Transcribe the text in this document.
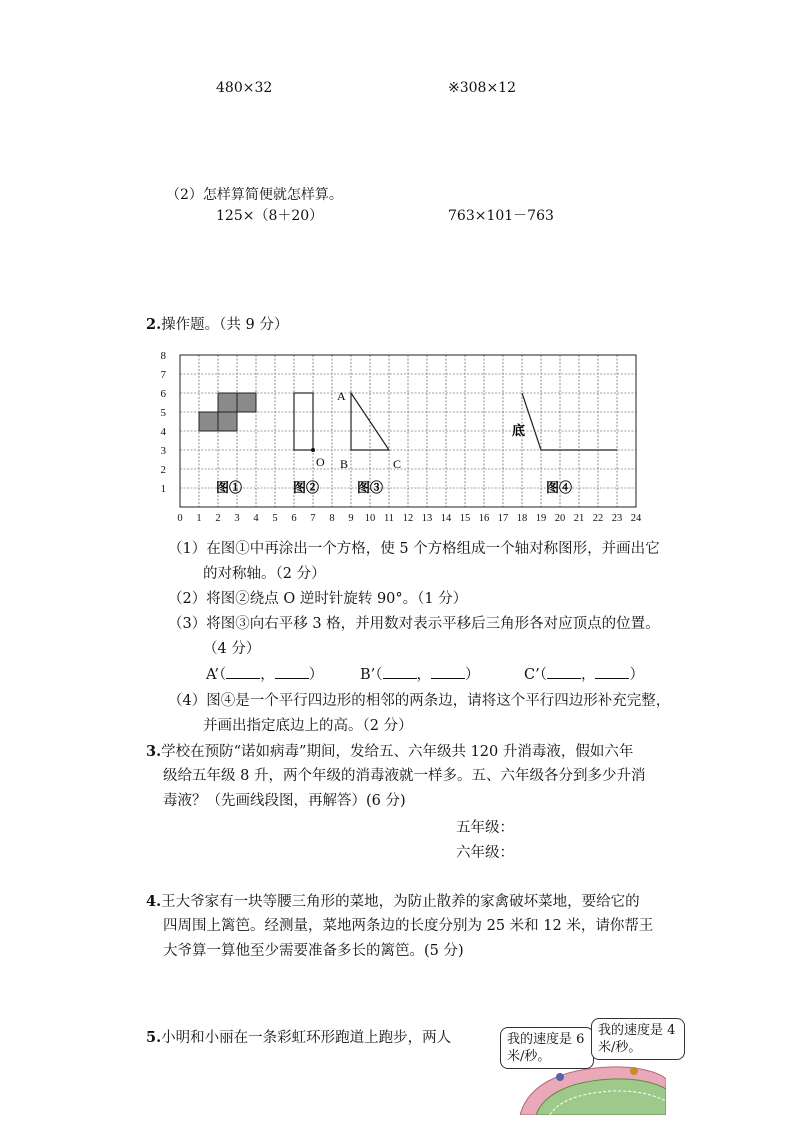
480×32	※308×12
（2）怎样算简便就怎样算。
125×（8＋20）	763×101－763
2.操作题。（共 9 分）
1
2
3
4
5
6
7
8
0 1 2 3 4	6 7 8 9 10 11 12 13 14 15 16 17 18 19 20 21 22 23 24
5
图①
O
图②
A
B	C
图③
底
图④
（1）在图①中再涂出一个方格，使 5 个方格组成一个轴对称图形，并画出它
的对称轴。（2 分）
（2）将图②绕点 O 逆时针旋转 90°。（1 分）
（3）将图③向右平移 3 格，并用数对表示平移后三角形各对应顶点的位置。
（4 分）
A’（ ， ）	B’（ ， ）	C’（ ， ）
（4）图④是一个平行四边形的相邻的两条边，请将这个平行四边形补充完整，
并画出指定底边上的高。（2 分）
3.学校在预防“诺如病毒”期间，发给五、六年级共 120 升消毒液，假如六年
级给五年级 8 升，两个年级的消毒液就一样多。五、六年级各分到多少升消
毒液？（先画线段图，再解答）(6 分)
五年级：
六年级：
4.王大爷家有一块等腰三角形的菜地，为防止散养的家禽破坏菜地，要给它的
四周围上篱笆。经测量，菜地两条边的长度分别为 25 米和 12 米，请你帮王
大爷算一算他至少需要准备多长的篱笆。(5 分)
5.小明和小丽在一条彩虹环形跑道上跑步，两人	我的速度是 6 米/秒。
我的速度是 4 米/秒。
